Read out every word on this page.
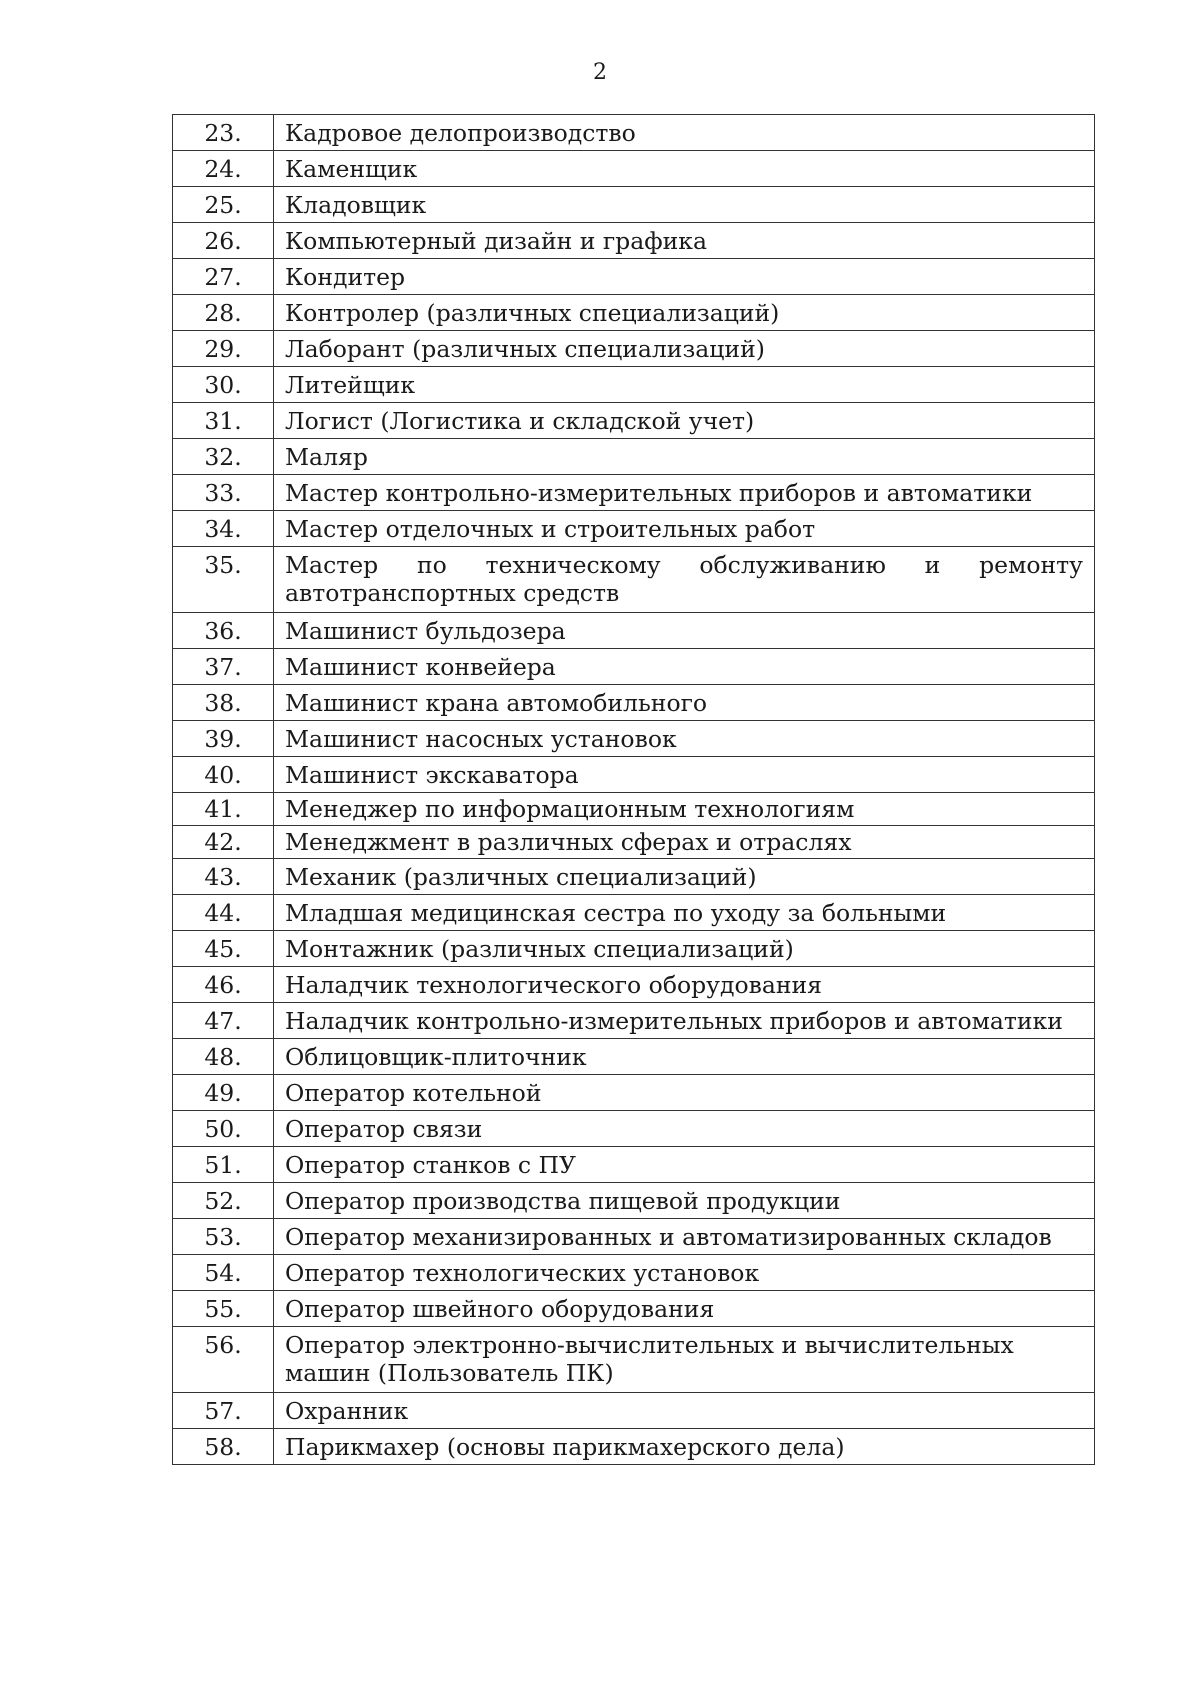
2
23.	Кадровое делопроизводство
24.	Каменщик
25.	Кладовщик
26.	Компьютерный дизайн и графика
27.	Кондитер
28.	Контролер (различных специализаций)
29.	Лаборант (различных специализаций)
30.	Литейщик
31.	Логист (Логистика и складской учет)
32.	Маляр
33.	Мастер контрольно-измерительных приборов и автоматики
34.	Мастер отделочных и строительных работ
35.	Мастер по техническому обслуживанию и ремонту автотранспортных средств
36.	Машинист бульдозера
37.	Машинист конвейера
38.	Машинист крана автомобильного
39.	Машинист насосных установок
40.	Машинист экскаватора
41.	Менеджер по информационным технологиям
42.	Менеджмент в различных сферах и отраслях
43.	Механик (различных специализаций)
44.	Младшая медицинская сестра по уходу за больными
45.	Монтажник (различных специализаций)
46.	Наладчик технологического оборудования
47.	Наладчик контрольно-измерительных приборов и автоматики
48.	Облицовщик-плиточник
49.	Оператор котельной
50.	Оператор связи
51.	Оператор станков с ПУ
52.	Оператор производства пищевой продукции
53.	Оператор механизированных и автоматизированных складов
54.	Оператор технологических установок
55.	Оператор швейного оборудования
56.	Оператор электронно-вычислительных и вычислительных машин (Пользователь ПК)
57.	Охранник
58.	Парикмахер (основы парикмахерского дела)
